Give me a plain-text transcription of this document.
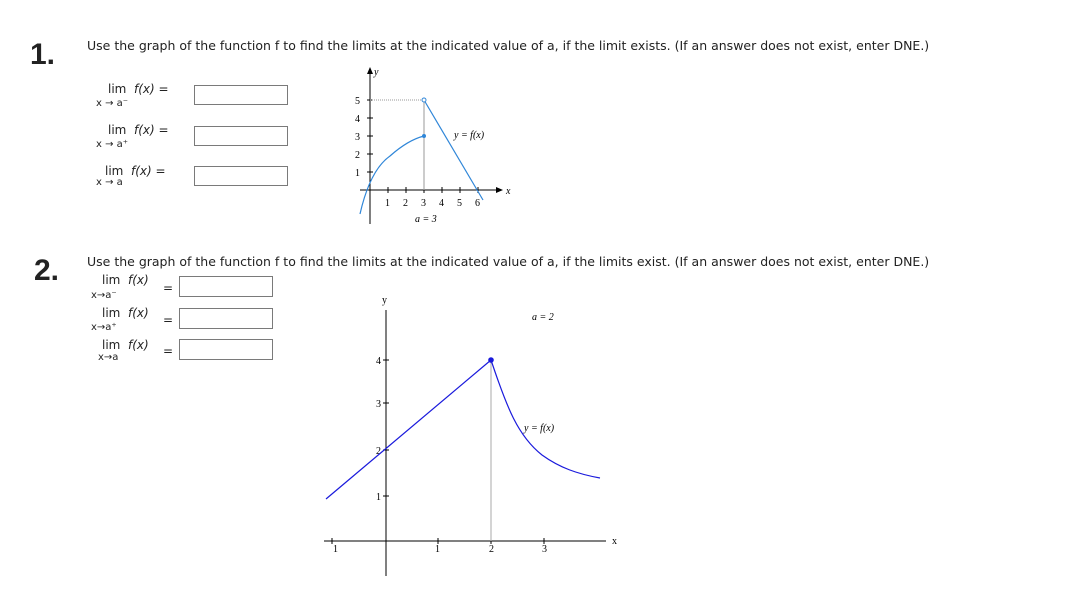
1.	Use the graph of the function f to find the limits at the indicated value of a, if the limit exists. (If an answer does not exist, enter DNE.)
lim f(x) =
x → a⁻
lim f(x) =
x → a⁺
lim f(x) =
x → a
y
x
5
4
3
2
1
1 2 3 4 5 6
a = 3
y = f(x)
2. Use the graph of the function f to find the limits at the indicated value of a, if the limits exist. (If an answer does not exist, enter DNE.)
lim f(x)
x→a⁻
=
lim f(x)
x→a⁺
=
lim f(x)
x→a	=
y
x
4
3
2
1
1	1	2	3
a = 2
y = f(x)
